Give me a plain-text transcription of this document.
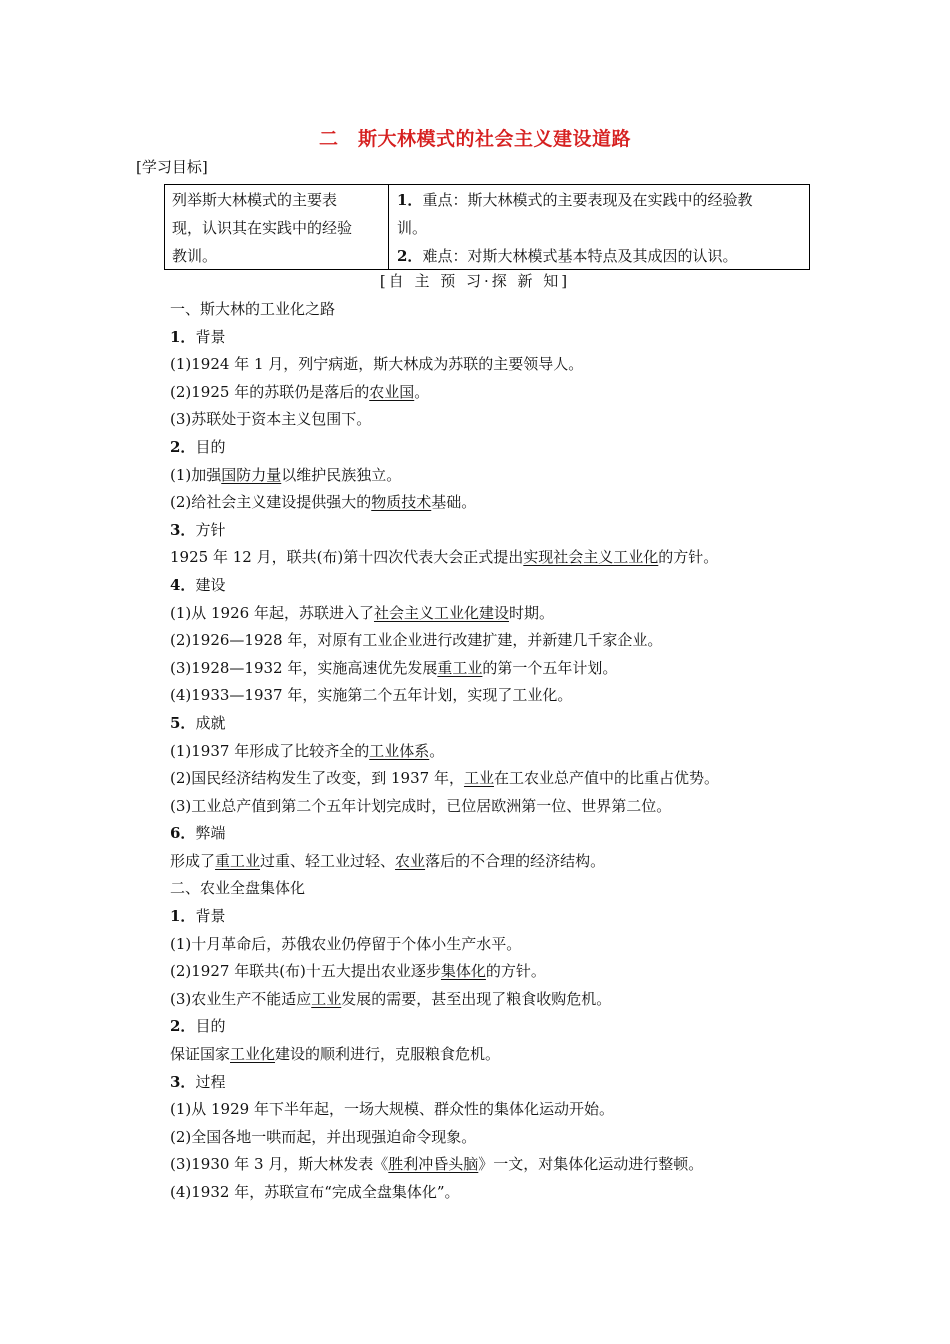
二　斯大林模式的社会主义建设道路
[学习目标]
列举斯大林模式的主要表
现，认识其在实践中的经验
教训。
1．重点：斯大林模式的主要表现及在实践中的经验教
训。
2．难点：对斯大林模式基本特点及其成因的认识。
[自 主 预 习·探 新 知]
一、斯大林的工业化之路
1．背景
(1)1924 年 1 月，列宁病逝，斯大林成为苏联的主要领导人。
(2)1925 年的苏联仍是落后的农业国。
(3)苏联处于资本主义包围下。
2．目的
(1)加强国防力量以维护民族独立。
(2)给社会主义建设提供强大的物质技术基础。
3．方针
1925 年 12 月，联共(布)第十四次代表大会正式提出实现社会主义工业化的方针。
4．建设
(1)从 1926 年起，苏联进入了社会主义工业化建设时期。
(2)1926—1928 年，对原有工业企业进行改建扩建，并新建几千家企业。
(3)1928—1932 年，实施高速优先发展重工业的第一个五年计划。
(4)1933—1937 年，实施第二个五年计划，实现了工业化。
5．成就
(1)1937 年形成了比较齐全的工业体系。
(2)国民经济结构发生了改变，到 1937 年，工业在工农业总产值中的比重占优势。
(3)工业总产值到第二个五年计划完成时，已位居欧洲第一位、世界第二位。
6．弊端
形成了重工业过重、轻工业过轻、农业落后的不合理的经济结构。
二、农业全盘集体化
1．背景
(1)十月革命后，苏俄农业仍停留于个体小生产水平。
(2)1927 年联共(布)十五大提出农业逐步集体化的方针。
(3)农业生产不能适应工业发展的需要，甚至出现了粮食收购危机。
2．目的
保证国家工业化建设的顺利进行，克服粮食危机。
3．过程
(1)从 1929 年下半年起，一场大规模、群众性的集体化运动开始。
(2)全国各地一哄而起，并出现强迫命令现象。
(3)1930 年 3 月，斯大林发表《胜利冲昏头脑》一文，对集体化运动进行整顿。
(4)1932 年，苏联宣布“完成全盘集体化”。
